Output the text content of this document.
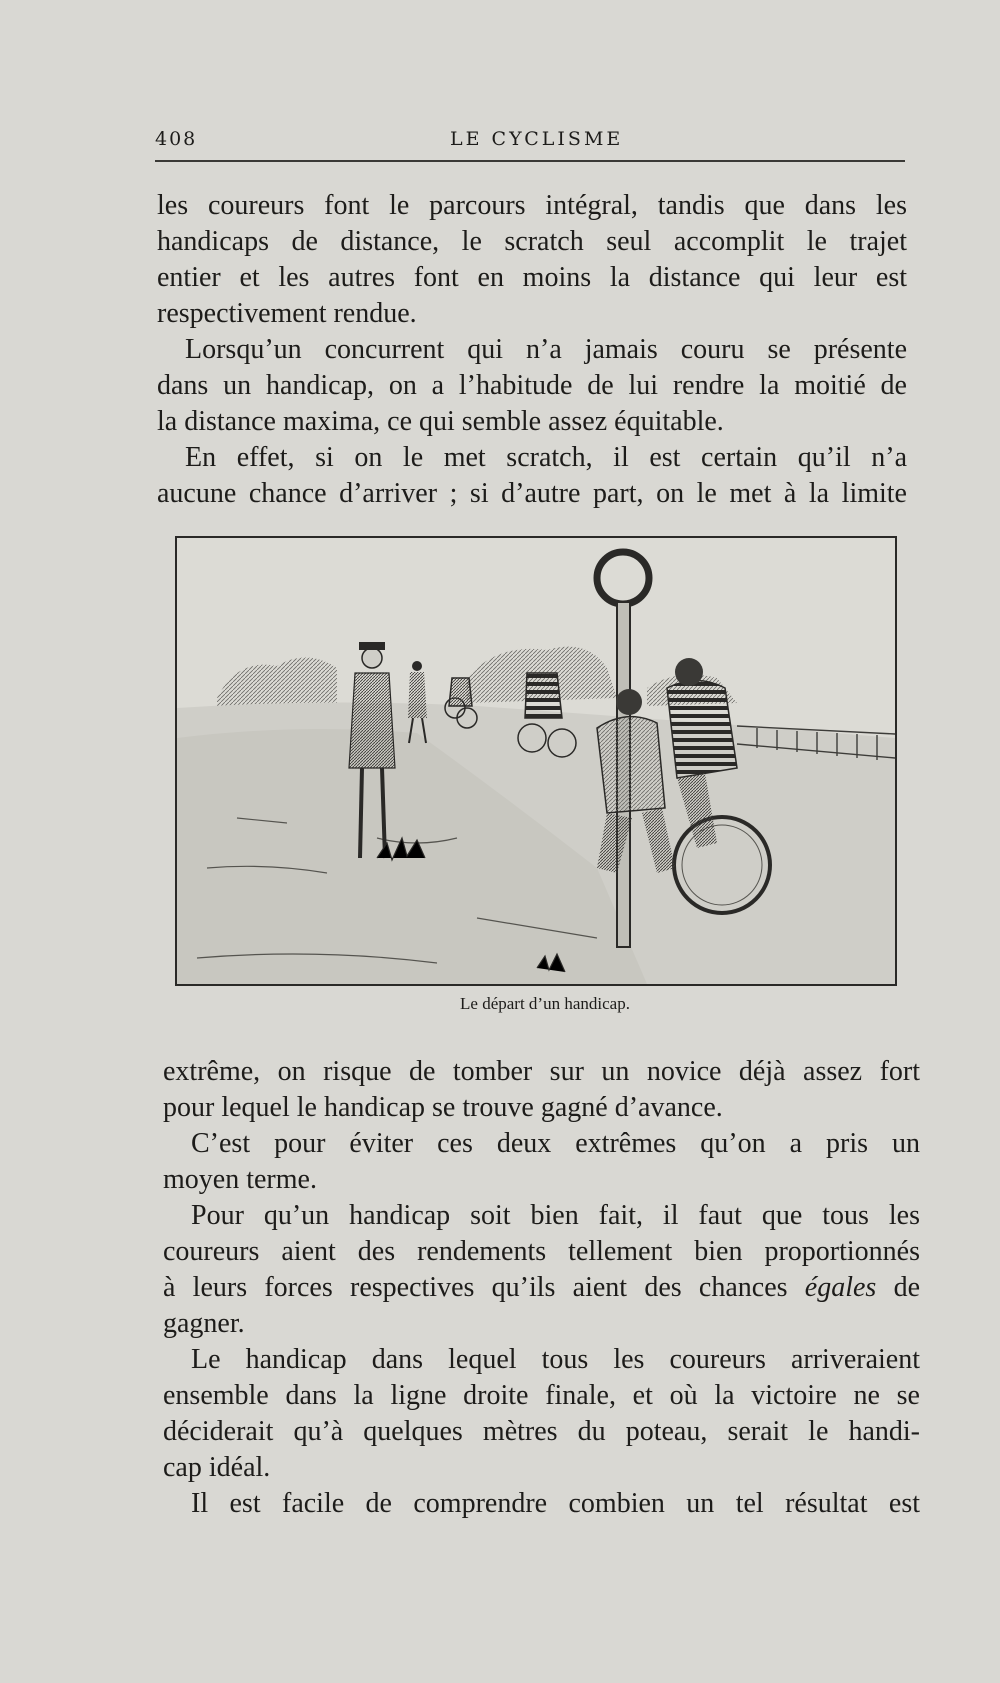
408	LE CYCLISME
les coureurs font le parcours intégral, tandis que dans les
handicaps de distance, le scratch seul accomplit le trajet
entier et les autres font en moins la distance qui leur est
respectivement rendue.
Lorsqu’un concurrent qui n’a jamais couru se présente
dans un handicap, on a l’habitude de lui rendre la moitié de
la distance maxima, ce qui semble assez équitable.
En effet, si on le met scratch, il est certain qu’il n’a
aucune chance d’arriver ; si d’autre part, on le met à la limite
Le départ d’un handicap.
extrême, on risque de tomber sur un novice déjà assez fort
pour lequel le handicap se trouve gagné d’avance.
C’est pour éviter ces deux extrêmes qu’on a pris un
moyen terme.
Pour qu’un handicap soit bien fait, il faut que tous les
coureurs aient des rendements tellement bien proportionnés
à leurs forces respectives qu’ils aient des chances égales de
gagner.
Le handicap dans lequel tous les coureurs arriveraient
ensemble dans la ligne droite finale, et où la victoire ne se
déciderait qu’à quelques mètres du poteau, serait le handi-
cap idéal.
Il est facile de comprendre combien un tel résultat est
